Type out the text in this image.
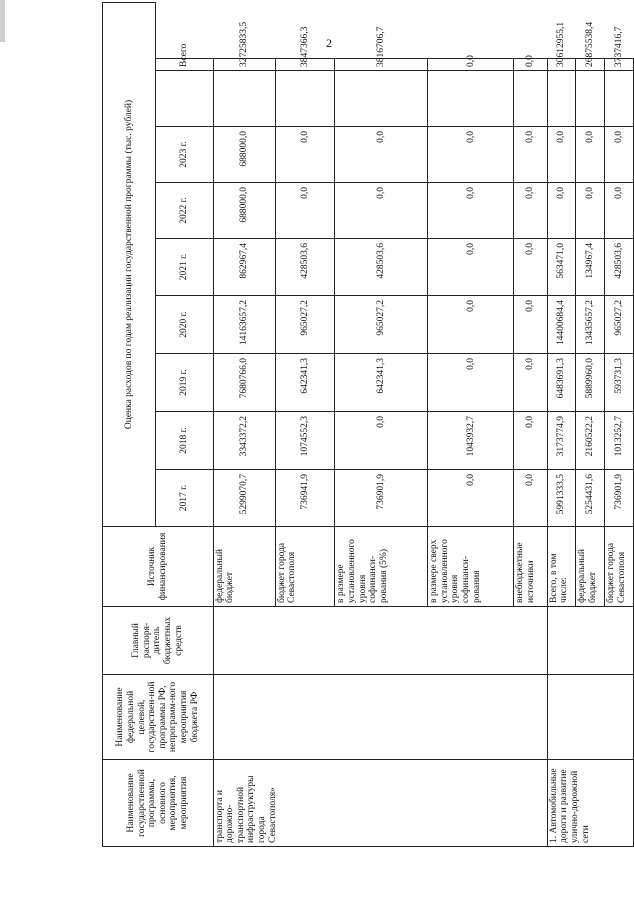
2
Наименование государственной программы, основного мероприятия, мероприятия	Наименование федеральной целевой, государствен-ной программы РФ, непрограмм-ного мероприятия бюджета РФ	Главный распоря-дитель бюджетных средств	Источник финансирования	Оценка расходов по годам реализации государственной программы (тыс. рублей)								
				2017 г.	2018 г.	2019 г.	2020 г.	2021 г.	2022 г.	2023 г.		Всего
транспорта и дорожно-транспортной инфраструктуры города Севастополя»			федеральный бюджет	5299070,7	3343372,2	7680766,0	14163657,2	862967,4	688000,0	688000,0		32725833,5
			бюджет города Севастополя	736941,9	1074552,3	642341,3	965027,2	428503,6	0,0	0,0		3847366,3
			в размере установленного уровня софинанси-рования (5%)	736901,9	0,0	642341,3	965027,2	428503,6	0,0	0,0		3816706,7
			в размере сверх установленного уровня софинанси-рования	0,0	1043932,7	0,0	0,0	0,0	0,0	0,0		0,0
			внебюджетные источники	0,0	0,0	0,0	0,0	0,0	0,0	0,0		0,0
1. Автомобильные дороги и развитие улично-дорожной сети			Всего, в том числе:	5991333,5	3173774,9	6483691,3	14400684,4	563471,0	0,0	0,0		30612955,1
			федеральный бюджет	5254431,6	2160522,2	5889960,0	13435657,2	134967,4	0,0	0,0		26875538,4
			бюджет города Севастополя	736901,9	1013252,7	593731,3	965027,2	428503,6	0,0	0,0		3737416,7
